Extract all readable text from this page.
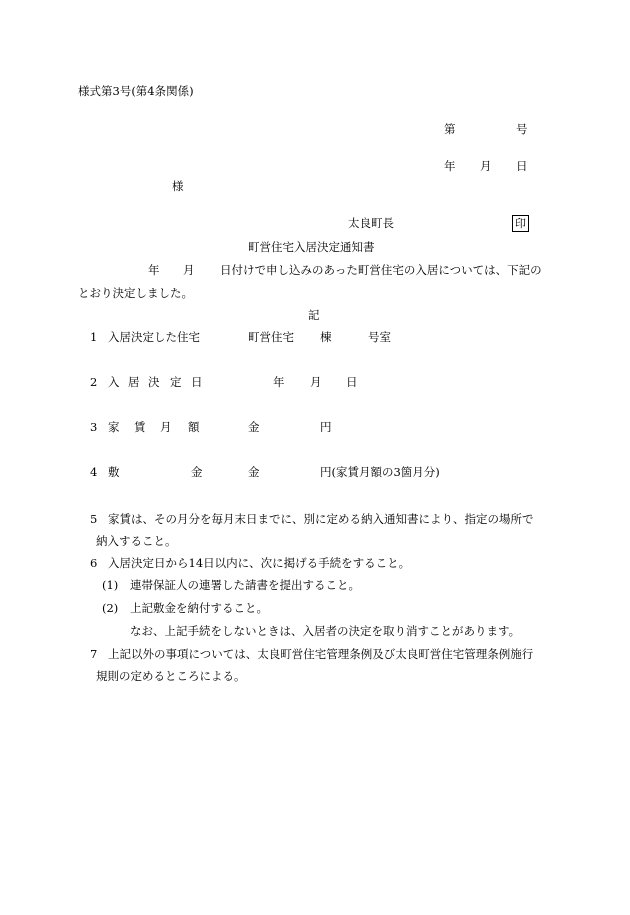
様式第3号(第4条関係)
第	号
年 月 日
様
太良町長	印
町営住宅入居決定通知書
年 月 日付けで申し込みのあった町営住宅の入居については、下記の
とおり決定しました。
記
1 入居決定した住宅	町営住宅 棟	号室
2 入 居 決 定 日	年 月 日
3 家 賃 月 額	金	円
4 敷	金	金	円(家賃月額の3箇月分)
5 家賃は、その月分を毎月末日までに、別に定める納入通知書により、指定の場所で
納入すること。
6 入居決定日から14日以内に、次に掲げる手続をすること。
(1) 連帯保証人の連署した請書を提出すること。
(2) 上記敷金を納付すること。
なお、上記手続をしないときは、入居者の決定を取り消すことがあります。
7 上記以外の事項については、太良町営住宅管理条例及び太良町営住宅管理条例施行
規則の定めるところによる。
